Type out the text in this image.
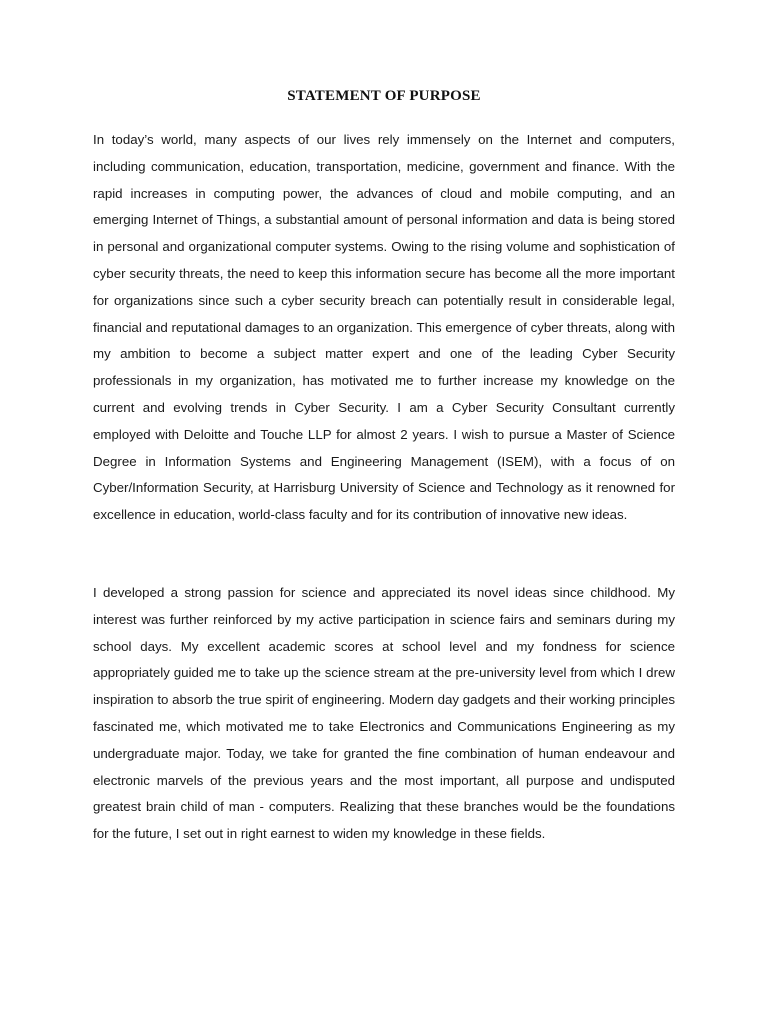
STATEMENT OF PURPOSE

In today’s world, many aspects of our lives rely immensely on the Internet and computers, including communication, education, transportation, medicine, government and finance. With the rapid increases in computing power, the advances of cloud and mobile computing, and an emerging Internet of Things, a substantial amount of personal information and data is being stored in personal and organizational computer systems. Owing to the rising volume and sophistication of cyber security threats, the need to keep this information secure has become all the more important for organizations since such a cyber security breach can potentially result in considerable legal, financial and reputational damages to an organization. This emergence of cyber threats, along with my ambition to become a subject matter expert and one of the leading Cyber Security professionals in my organization, has motivated me to further increase my knowledge on the current and evolving trends in Cyber Security. I am a Cyber Security Consultant currently employed with Deloitte and Touche LLP for almost 2 years. I wish to pursue a Master of Science Degree in Information Systems and Engineering Management (ISEM), with a focus of on Cyber/Information Security, at Harrisburg University of Science and Technology as it renowned for excellence in education, world-class faculty and for its contribution of innovative new ideas.

I developed a strong passion for science and appreciated its novel ideas since childhood. My interest was further reinforced by my active participation in science fairs and seminars during my school days. My excellent academic scores at school level and my fondness for science appropriately guided me to take up the science stream at the pre-university level from which I drew inspiration to absorb the true spirit of engineering. Modern day gadgets and their working principles fascinated me, which motivated me to take Electronics and Communications Engineering as my undergraduate major. Today, we take for granted the fine combination of human endeavour and electronic marvels of the previous years and the most important, all purpose and undisputed greatest brain child of man - computers. Realizing that these branches would be the foundations for the future, I set out in right earnest to widen my knowledge in these fields.
